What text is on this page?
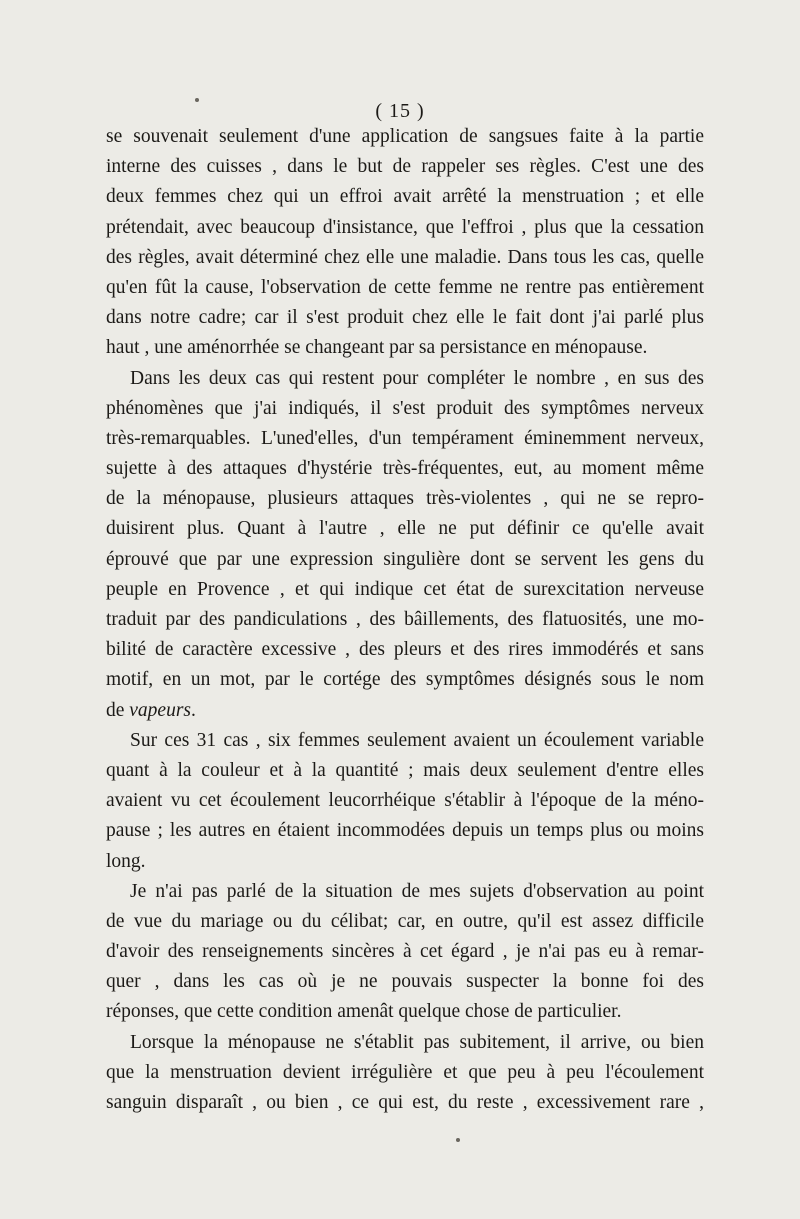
( 15 )
se souvenait seulement d'une application de sangsues faite à la partie
interne des cuisses , dans le but de rappeler ses règles. C'est une des
deux femmes chez qui un effroi avait arrêté la menstruation ; et elle
prétendait, avec beaucoup d'insistance, que l'effroi , plus que la cessation
des règles, avait déterminé chez elle une maladie. Dans tous les cas, quelle
qu'en fût la cause, l'observation de cette femme ne rentre pas entièrement
dans notre cadre; car il s'est produit chez elle le fait dont j'ai parlé plus
haut , une aménorrhée se changeant par sa persistance en ménopause.
Dans les deux cas qui restent pour compléter le nombre , en sus des
phénomènes que j'ai indiqués, il s'est produit des symptômes nerveux
très-remarquables. L'uned'elles, d'un tempérament éminemment nerveux,
sujette à des attaques d'hystérie très-fréquentes, eut, au moment même
de la ménopause, plusieurs attaques très-violentes , qui ne se repro-
duisirent plus. Quant à l'autre , elle ne put définir ce qu'elle avait
éprouvé que par une expression singulière dont se servent les gens du
peuple en Provence , et qui indique cet état de surexcitation nerveuse
traduit par des pandiculations , des bâillements, des flatuosités, une mo-
bilité de caractère excessive , des pleurs et des rires immodérés et sans
motif, en un mot, par le cortége des symptômes désignés sous le nom
de vapeurs.
Sur ces 31 cas , six femmes seulement avaient un écoulement variable
quant à la couleur et à la quantité ; mais deux seulement d'entre elles
avaient vu cet écoulement leucorrhéique s'établir à l'époque de la méno-
pause ; les autres en étaient incommodées depuis un temps plus ou moins
long.
Je n'ai pas parlé de la situation de mes sujets d'observation au point
de vue du mariage ou du célibat; car, en outre, qu'il est assez difficile
d'avoir des renseignements sincères à cet égard , je n'ai pas eu à remar-
quer , dans les cas où je ne pouvais suspecter la bonne foi des
réponses, que cette condition amenât quelque chose de particulier.
Lorsque la ménopause ne s'établit pas subitement, il arrive, ou bien
que la menstruation devient irrégulière et que peu à peu l'écoulement
sanguin disparaît , ou bien , ce qui est, du reste , excessivement rare ,
